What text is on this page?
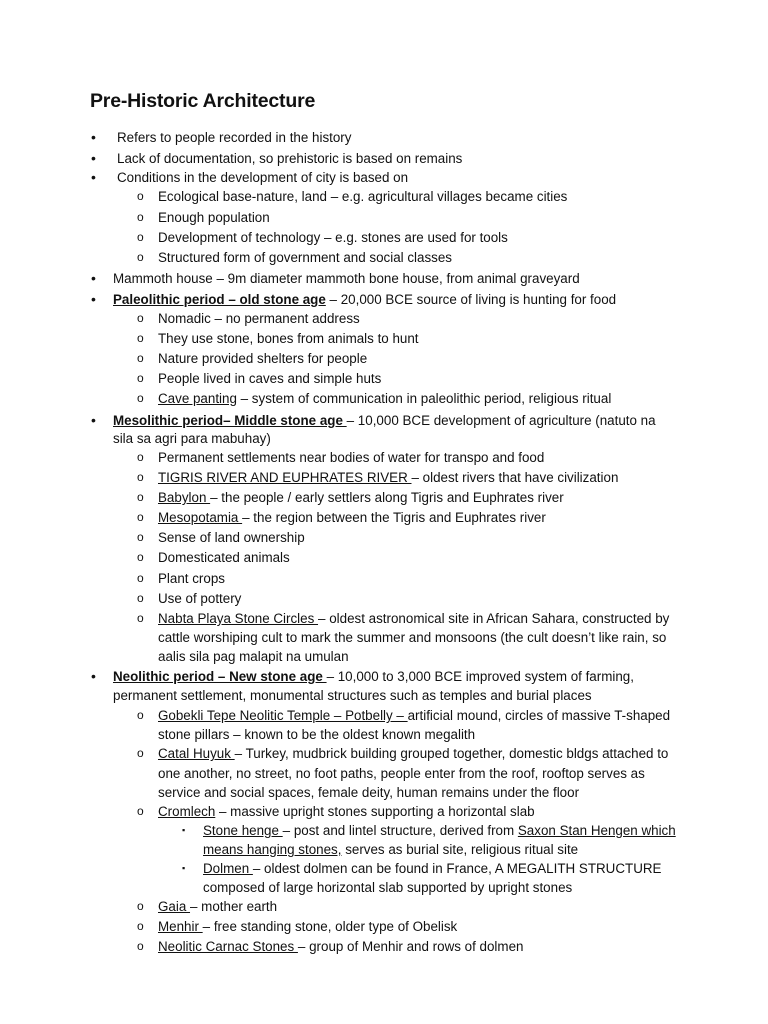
Pre-Historic Architecture
• Refers to people recorded in the history
• Lack of documentation, so prehistoric is based on remains
• Conditions in the development of city is based on
o Ecological base-nature, land – e.g. agricultural villages became cities
o Enough population
o Development of technology – e.g. stones are used for tools
o Structured form of government and social classes
• Mammoth house – 9m diameter mammoth bone house, from animal graveyard
• Paleolithic period – old stone age – 20,000 BCE source of living is hunting for food
o Nomadic – no permanent address
o They use stone, bones from animals to hunt
o Nature provided shelters for people
o People lived in caves and simple huts
o Cave panting – system of communication in paleolithic period, religious ritual
• Mesolithic period– Middle stone age – 10,000 BCE development of agriculture (natuto na
sila sa agri para mabuhay)
o Permanent settlements near bodies of water for transpo and food
o TIGRIS RIVER AND EUPHRATES RIVER – oldest rivers that have civilization
o Babylon – the people / early settlers along Tigris and Euphrates river
o Mesopotamia – the region between the Tigris and Euphrates river
o Sense of land ownership
o Domesticated animals
o Plant crops
o Use of pottery
o Nabta Playa Stone Circles – oldest astronomical site in African Sahara, constructed by
cattle worshiping cult to mark the summer and monsoons (the cult doesn’t like rain, so
aalis sila pag malapit na umulan
• Neolithic period – New stone age – 10,000 to 3,000 BCE improved system of farming,
permanent settlement, monumental structures such as temples and burial places
o Gobekli Tepe Neolitic Temple – Potbelly – artificial mound, circles of massive T-shaped
stone pillars – known to be the oldest known megalith
o Catal Huyuk – Turkey, mudbrick building grouped together, domestic bldgs attached to
one another, no street, no foot paths, people enter from the roof, rooftop serves as
service and social spaces, female deity, human remains under the floor
o Cromlech – massive upright stones supporting a horizontal slab
▪ Stone henge – post and lintel structure, derived from Saxon Stan Hengen which
means hanging stones, serves as burial site, religious ritual site
▪ Dolmen – oldest dolmen can be found in France, A MEGALITH STRUCTURE
composed of large horizontal slab supported by upright stones
o Gaia – mother earth
o Menhir – free standing stone, older type of Obelisk
o Neolitic Carnac Stones – group of Menhir and rows of dolmen
